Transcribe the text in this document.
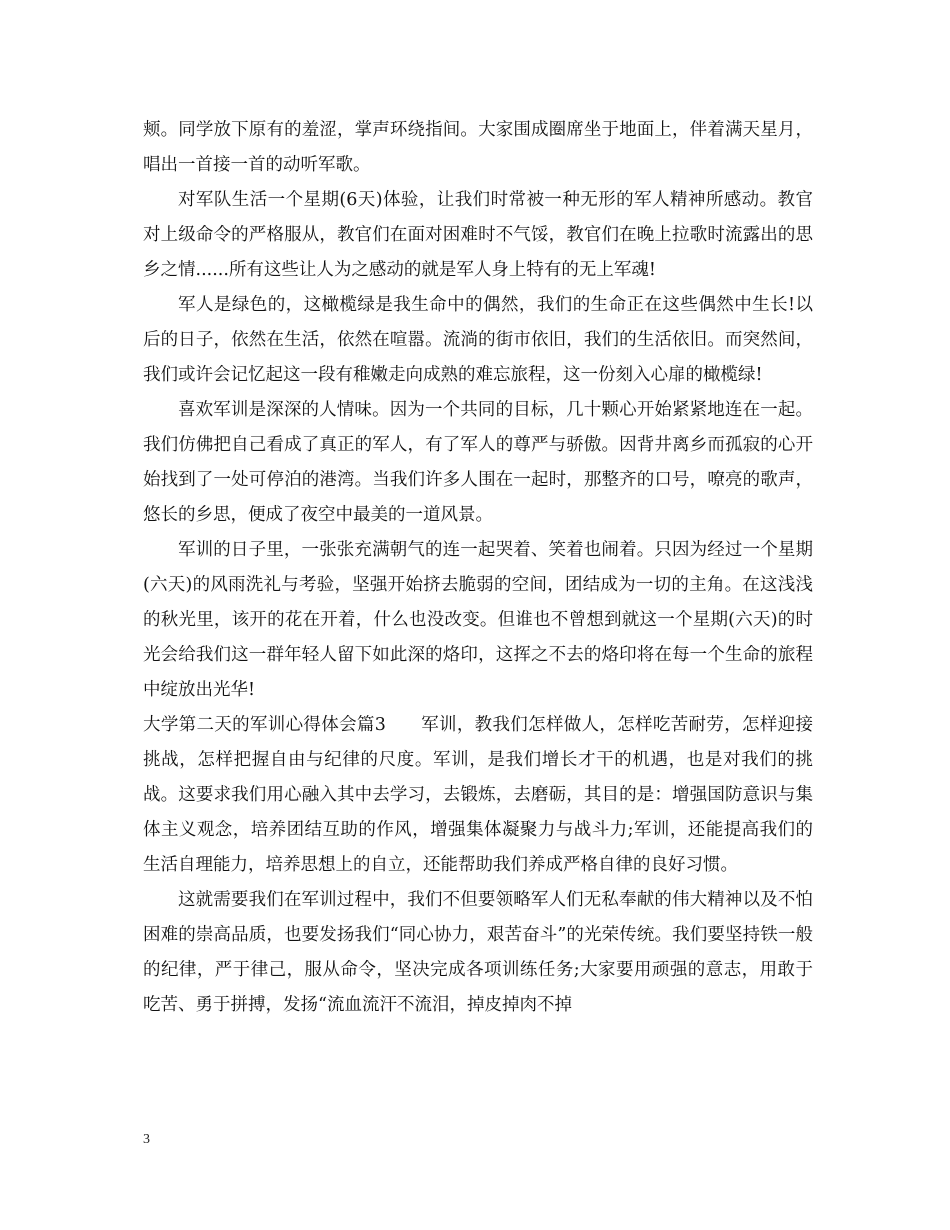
颊。同学放下原有的羞涩，掌声环绕指间。大家围成圈席坐于地面上，伴着满天星月，唱出一首接一首的动听军歌。

对军队生活一个星期(6天)体验，让我们时常被一种无形的军人精神所感动。教官对上级命令的严格服从，教官们在面对困难时不气馁，教官们在晚上拉歌时流露出的思乡之情......所有这些让人为之感动的就是军人身上特有的无上军魂!

军人是绿色的，这橄榄绿是我生命中的偶然，我们的生命正在这些偶然中生长!以后的日子，依然在生活，依然在喧嚣。流淌的街市依旧，我们的生活依旧。而突然间，我们或许会记忆起这一段有稚嫩走向成熟的难忘旅程，这一份刻入心扉的橄榄绿!

喜欢军训是深深的人情味。因为一个共同的目标，几十颗心开始紧紧地连在一起。我们仿佛把自己看成了真正的军人，有了军人的尊严与骄傲。因背井离乡而孤寂的心开始找到了一处可停泊的港湾。当我们许多人围在一起时，那整齐的口号，嘹亮的歌声，悠长的乡思，便成了夜空中最美的一道风景。

军训的日子里，一张张充满朝气的连一起哭着、笑着也闹着。只因为经过一个星期(六天)的风雨洗礼与考验，坚强开始挤去脆弱的空间，团结成为一切的主角。在这浅浅的秋光里，该开的花在开着，什么也没改变。但谁也不曾想到就这一个星期(六天)的时光会给我们这一群年轻人留下如此深的烙印，这挥之不去的烙印将在每一个生命的旅程中绽放出光华!

大学第二天的军训心得体会篇3 军训，教我们怎样做人，怎样吃苦耐劳，怎样迎接挑战，怎样把握自由与纪律的尺度。军训，是我们增长才干的机遇，也是对我们的挑战。这要求我们用心融入其中去学习，去锻炼，去磨砺，其目的是：增强国防意识与集体主义观念，培养团结互助的作风，增强集体凝聚力与战斗力;军训，还能提高我们的生活自理能力，培养思想上的自立，还能帮助我们养成严格自律的良好习惯。

这就需要我们在军训过程中，我们不但要领略军人们无私奉献的伟大精神以及不怕困难的崇高品质，也要发扬我们“同心协力，艰苦奋斗”的光荣传统。我们要坚持铁一般的纪律，严于律己，服从命令，坚决完成各项训练任务;大家要用顽强的意志，用敢于吃苦、勇于拼搏，发扬“流血流汗不流泪，掉皮掉肉不掉

3
